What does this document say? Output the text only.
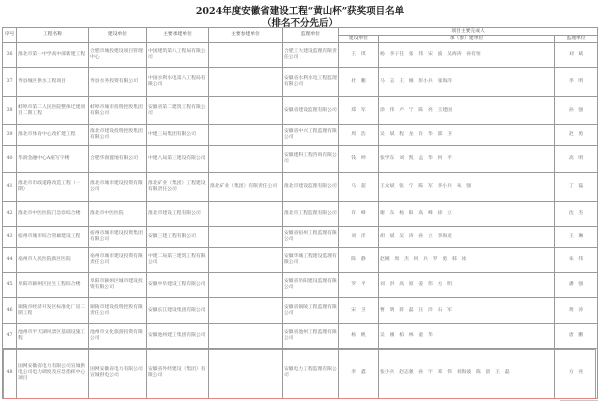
2024年度安徽省建设工程“黄山杯”获奖项目名单
（排名不分先后）
序号	工程名称	建设单位	主要承建单位	主要参建单位	监理单位	项目主要完成人		
						建设单位	承（参）建单位	监理单位
36	淮北市第一中学高中部新建工程	合肥市城投建设项目管理中心	中国建筑第八工程局有限公司		合肥工大建设监理有限责任公司	王　琪	杨　李子任　张　伟　宋　波　吴海涛　孙有恒	刘　斌
37	寿县城区供水工程项目	寿县水务投资有限公司	中国水利水电第八工程局有限公司		安徽省水利水电工程监理有限公司	杜　鹏	马　志　王　刚　彭小兵　张海洋	李　明
38	蚌埠市第二人民医院整体迁建项目二期工程	蚌埠市城市投资控股集团有限公司	安徽省第二建筑工程有限公司		安徽省建设监理有限公司	郑　军	徐　伟　卢　宁　陈　亮　王建国	孙　强
39	淮北市体育中心改扩建工程	淮北市建设投资控股集团有限公司	中建三局集团有限公司		安徽省中兴工程监理有限公司	周　浩	吴　斌　程　龙　许　华　邵　卫	赵　勇
40	华润金融中心A座写字楼	合肥华润置地有限公司	中建八局第三建设有限公司		安徽建科工程咨询有限公司	钱　坤	张学东　刘　凯　孟　华　何　平	高　明
41	淮北市市政道路改造工程（一期）	淮北市城市建设投资有限公司	淮北矿业（集团）工程建设有限责任公司	淮北矿业（集团）有限责任公司	淮北市建设监理有限公司	马　超	王文斌　张　宁　陈　军　李小兵　朱　强	丁　磊
42	淮北市中医医院门急诊综合楼	淮北市中医医院	淮北市建设工程有限公司		淮北市工程监理有限公司	许　峰	谢　东　杨　阳　高　峰　徐　立	沈　杰
43	宿州市城市综合管廊建设工程	宿州市城市建设投资集团有限公司	安徽三建工程有限公司		安徽省宿州工程监理有限公司	刘　洋	胡　斌　吴　涛　孙　立　李海龙	王　琳
44	亳州市人民医院新区医院	亳州市城市建设投资有限责任公司	中建二局第三建筑工程有限公司		安徽华城工程建设监理有限公司	陈　静	赵刚　周　杰　何　兵　罗　勇　韩　冰	朱　伟
45	阜阳市颍州区民生工程综合楼	阜阳市颍州区城市建设投资有限公司	安徽中阜建设工程有限公司		安徽省阜阳建设监理有限公司	罗　平	刘　洪　高　原　姜　伟　方　明	潘　强
46	铜陵市经济开发区标准化厂房二期工程	铜陵市建设投资控股有限责任公司	安徽长江建设集团有限公司		安徽省铜陵工程监理有限公司	宋　卫	曹　明　蒋　磊　汪　洋　石　军	黄　涛
47	池州市平天湖风景区基础设施工程	池州市文化旅游投资有限公司	安徽池州建工集团有限公司		安徽省池州工程监理有限公司	杨　帆	吴　刚　柏　林　童　华	唐　鹏
48	国网安徽省电力有限公司宣城供电公司电力调度及应急指挥中心项目	国网安徽省电力有限公司宣城供电公司	安徽省外经建设（集团）有限公司		安徽电力工程监理有限公司	李　鑫	张小兵　赵志强　孙　宇　邓　伟　刘海波　陈　晨　王　磊	方　亮
